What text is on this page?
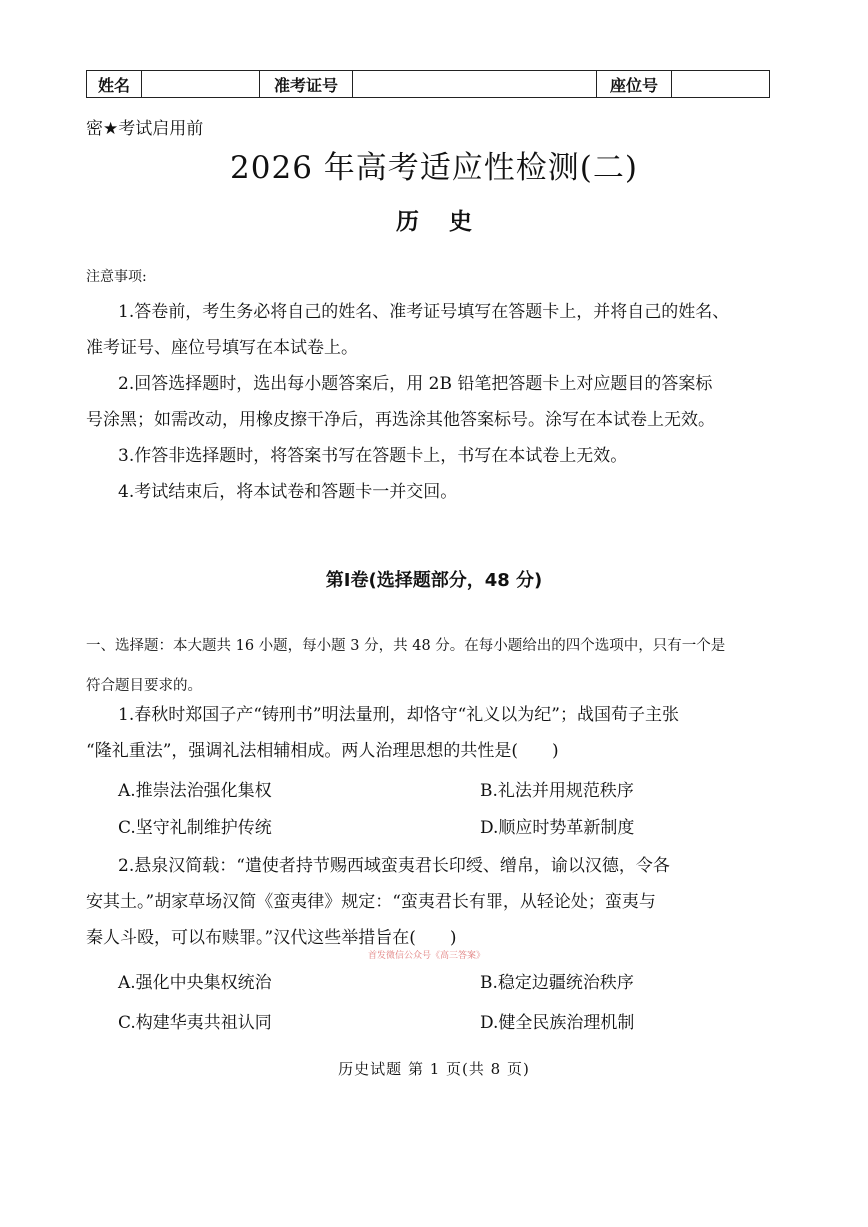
姓名	准考证号	座位号
密★考试启用前
2026 年高考适应性检测(二)
历史
注意事项:
1.答卷前，考生务必将自己的姓名、准考证号填写在答题卡上，并将自己的姓名、
准考证号、座位号填写在本试卷上。
2.回答选择题时，选出每小题答案后，用 2B 铅笔把答题卡上对应题目的答案标
号涂黑；如需改动，用橡皮擦干净后，再选涂其他答案标号。涂写在本试卷上无效。
3.作答非选择题时，将答案书写在答题卡上，书写在本试卷上无效。
4.考试结束后，将本试卷和答题卡一并交回。
第Ⅰ卷(选择题部分，48 分)
一、选择题：本大题共 16 小题，每小题 3 分，共 48 分。在每小题给出的四个选项中，只有一个是
符合题目要求的。
1.春秋时郑国子产“铸刑书”明法量刑，却恪守“礼义以为纪”；战国荀子主张
“隆礼重法”，强调礼法相辅相成。两人治理思想的共性是(　　)
A.推崇法治强化集权	B.礼法并用规范秩序
C.坚守礼制维护传统	D.顺应时势革新制度
2.悬泉汉简载：“遣使者持节赐西域蛮夷君长印绶、缯帛，谕以汉德，令各
安其土。”胡家草场汉简《蛮夷律》规定：“蛮夷君长有罪，从轻论处；蛮夷与
秦人斗殴，可以布赎罪。”汉代这些举措旨在(　　)
首发微信公众号《高三答案》
A.强化中央集权统治	B.稳定边疆统治秩序
C.构建华夷共祖认同	D.健全民族治理机制
历史试题 第 1 页(共 8 页)
